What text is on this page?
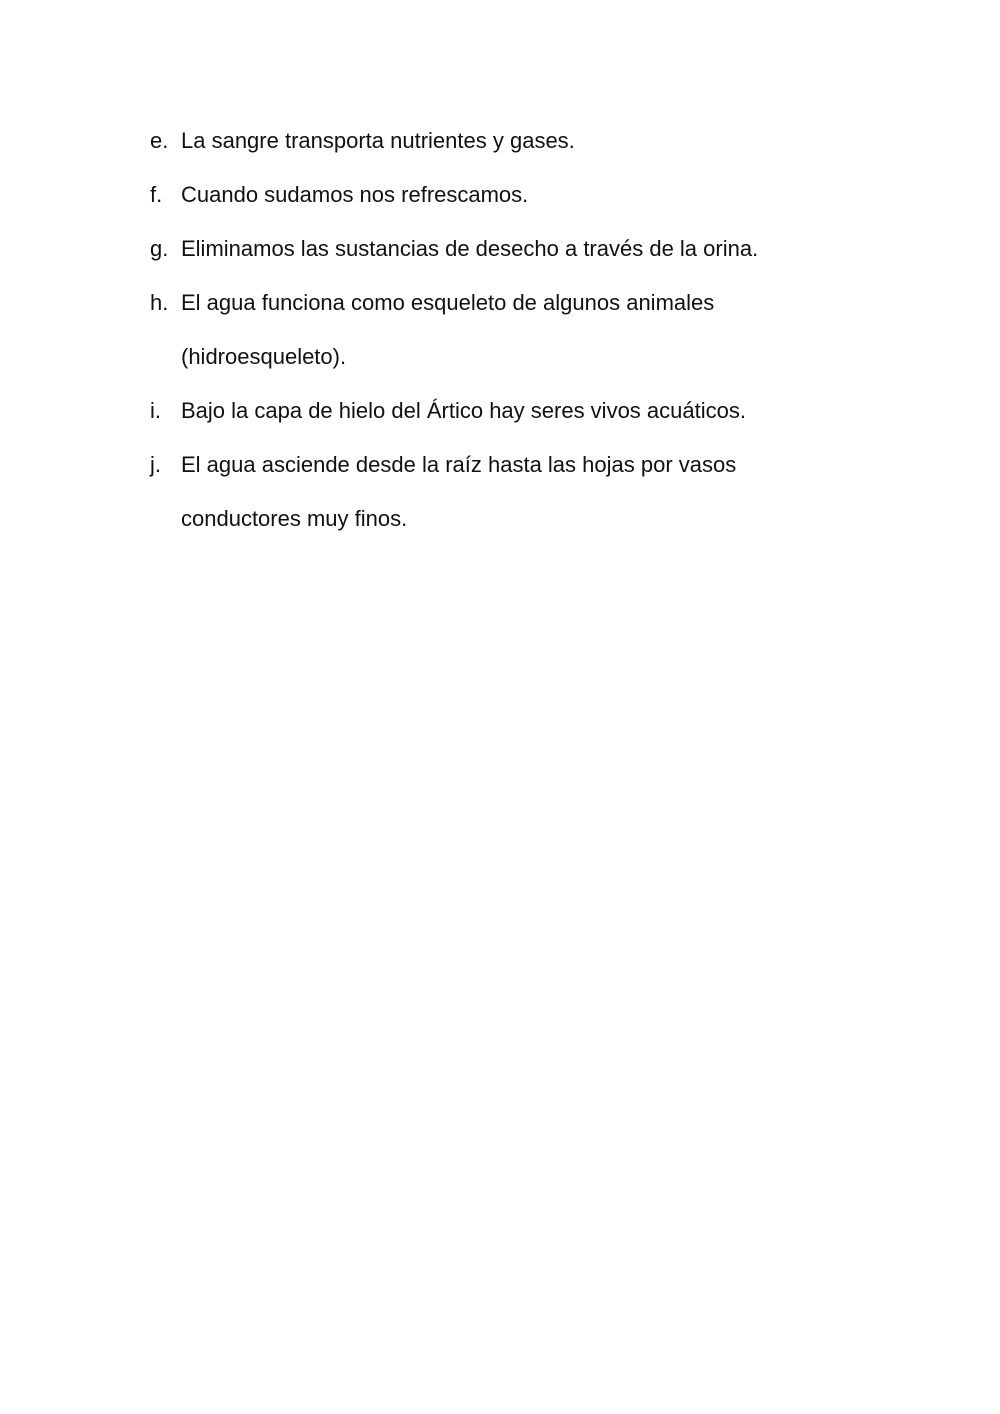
e. La sangre transporta nutrientes y gases.
f. Cuando sudamos nos refrescamos.
g. Eliminamos las sustancias de desecho a través de la orina.
h. El agua funciona como esqueleto de algunos animales
(hidroesqueleto).
i. Bajo la capa de hielo del Ártico hay seres vivos acuáticos.
j. El agua asciende desde la raíz hasta las hojas por vasos
conductores muy finos.
